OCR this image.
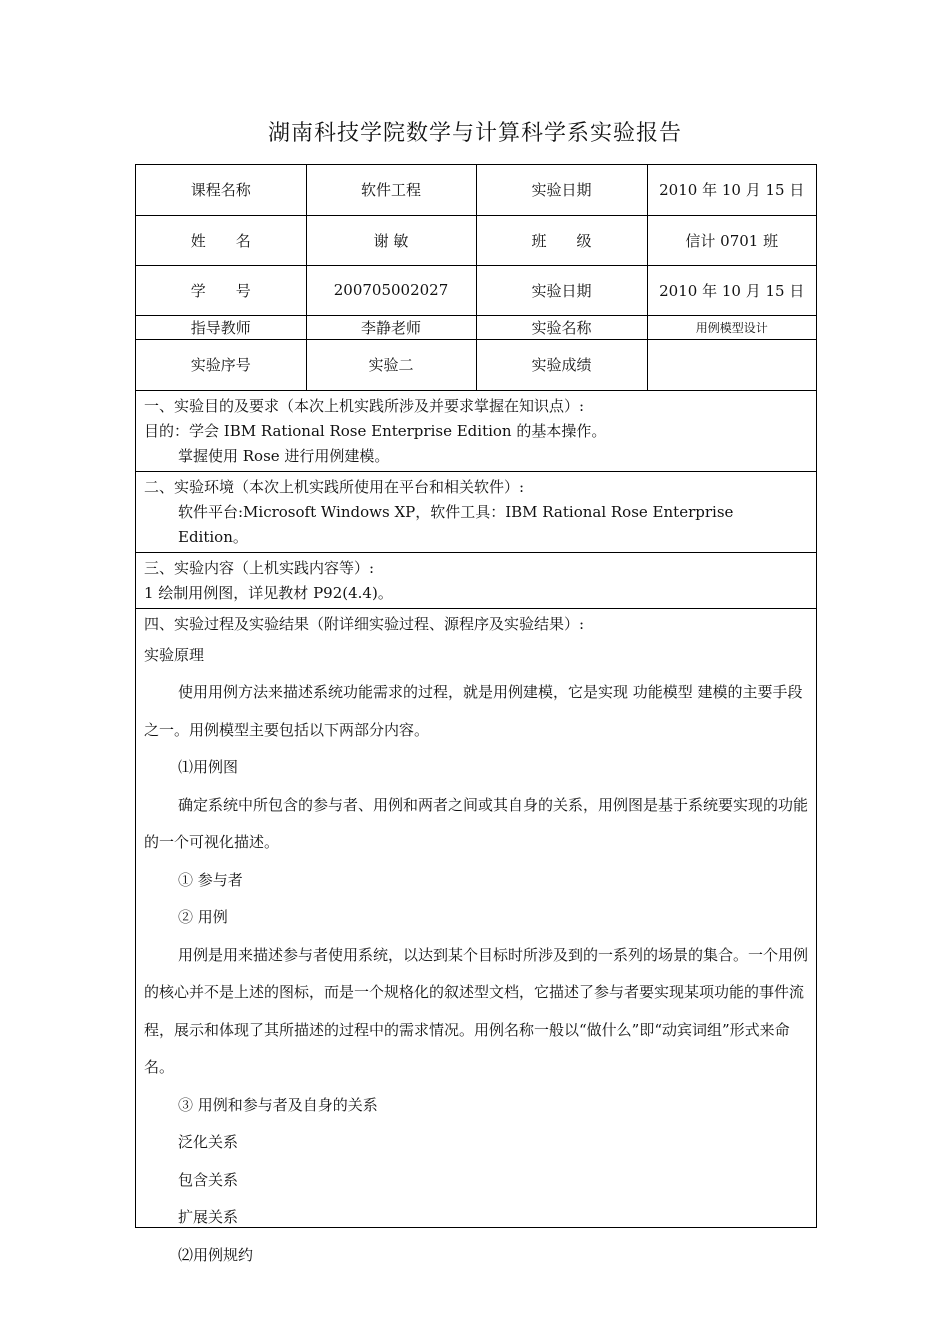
湖南科技学院数学与计算科学系实验报告
课程名称	软件工程	实验日期	2010 年 10 月 15 日
姓　　名	谢 敏	班　　级	信计 0701 班
学　　号	200705002027	实验日期	2010 年 10 月 15 日
指导教师	李静老师	实验名称	用例模型设计
实验序号	实验二	实验成绩	
一、实验目的及要求（本次上机实践所涉及并要求掌握在知识点）:
目的：学会 IBM Rational Rose Enterprise Edition 的基本操作。
掌握使用 Rose 进行用例建模。
二、实验环境（本次上机实践所使用在平台和相关软件）:
软件平台:Microsoft Windows XP，软件工具：IBM Rational Rose Enterprise Edition。
三、实验内容（上机实践内容等）:
1 绘制用例图，详见教材 P92(4.4)。
四、实验过程及实验结果（附详细实验过程、源程序及实验结果）:
实验原理
使用用例方法来描述系统功能需求的过程，就是用例建模，它是实现 功能模型 建模的主要手段之一。用例模型主要包括以下两部分内容。
⑴用例图
确定系统中所包含的参与者、用例和两者之间或其自身的关系，用例图是基于系统要实现的功能的一个可视化描述。
① 参与者
② 用例
用例是用来描述参与者使用系统，以达到某个目标时所涉及到的一系列的场景的集合。一个用例的核心并不是上述的图标，而是一个规格化的叙述型文档，它描述了参与者要实现某项功能的事件流程，展示和体现了其所描述的过程中的需求情况。用例名称一般以“做什么”即“动宾词组”形式来命名。
③ 用例和参与者及自身的关系
泛化关系
包含关系
扩展关系
⑵用例规约
